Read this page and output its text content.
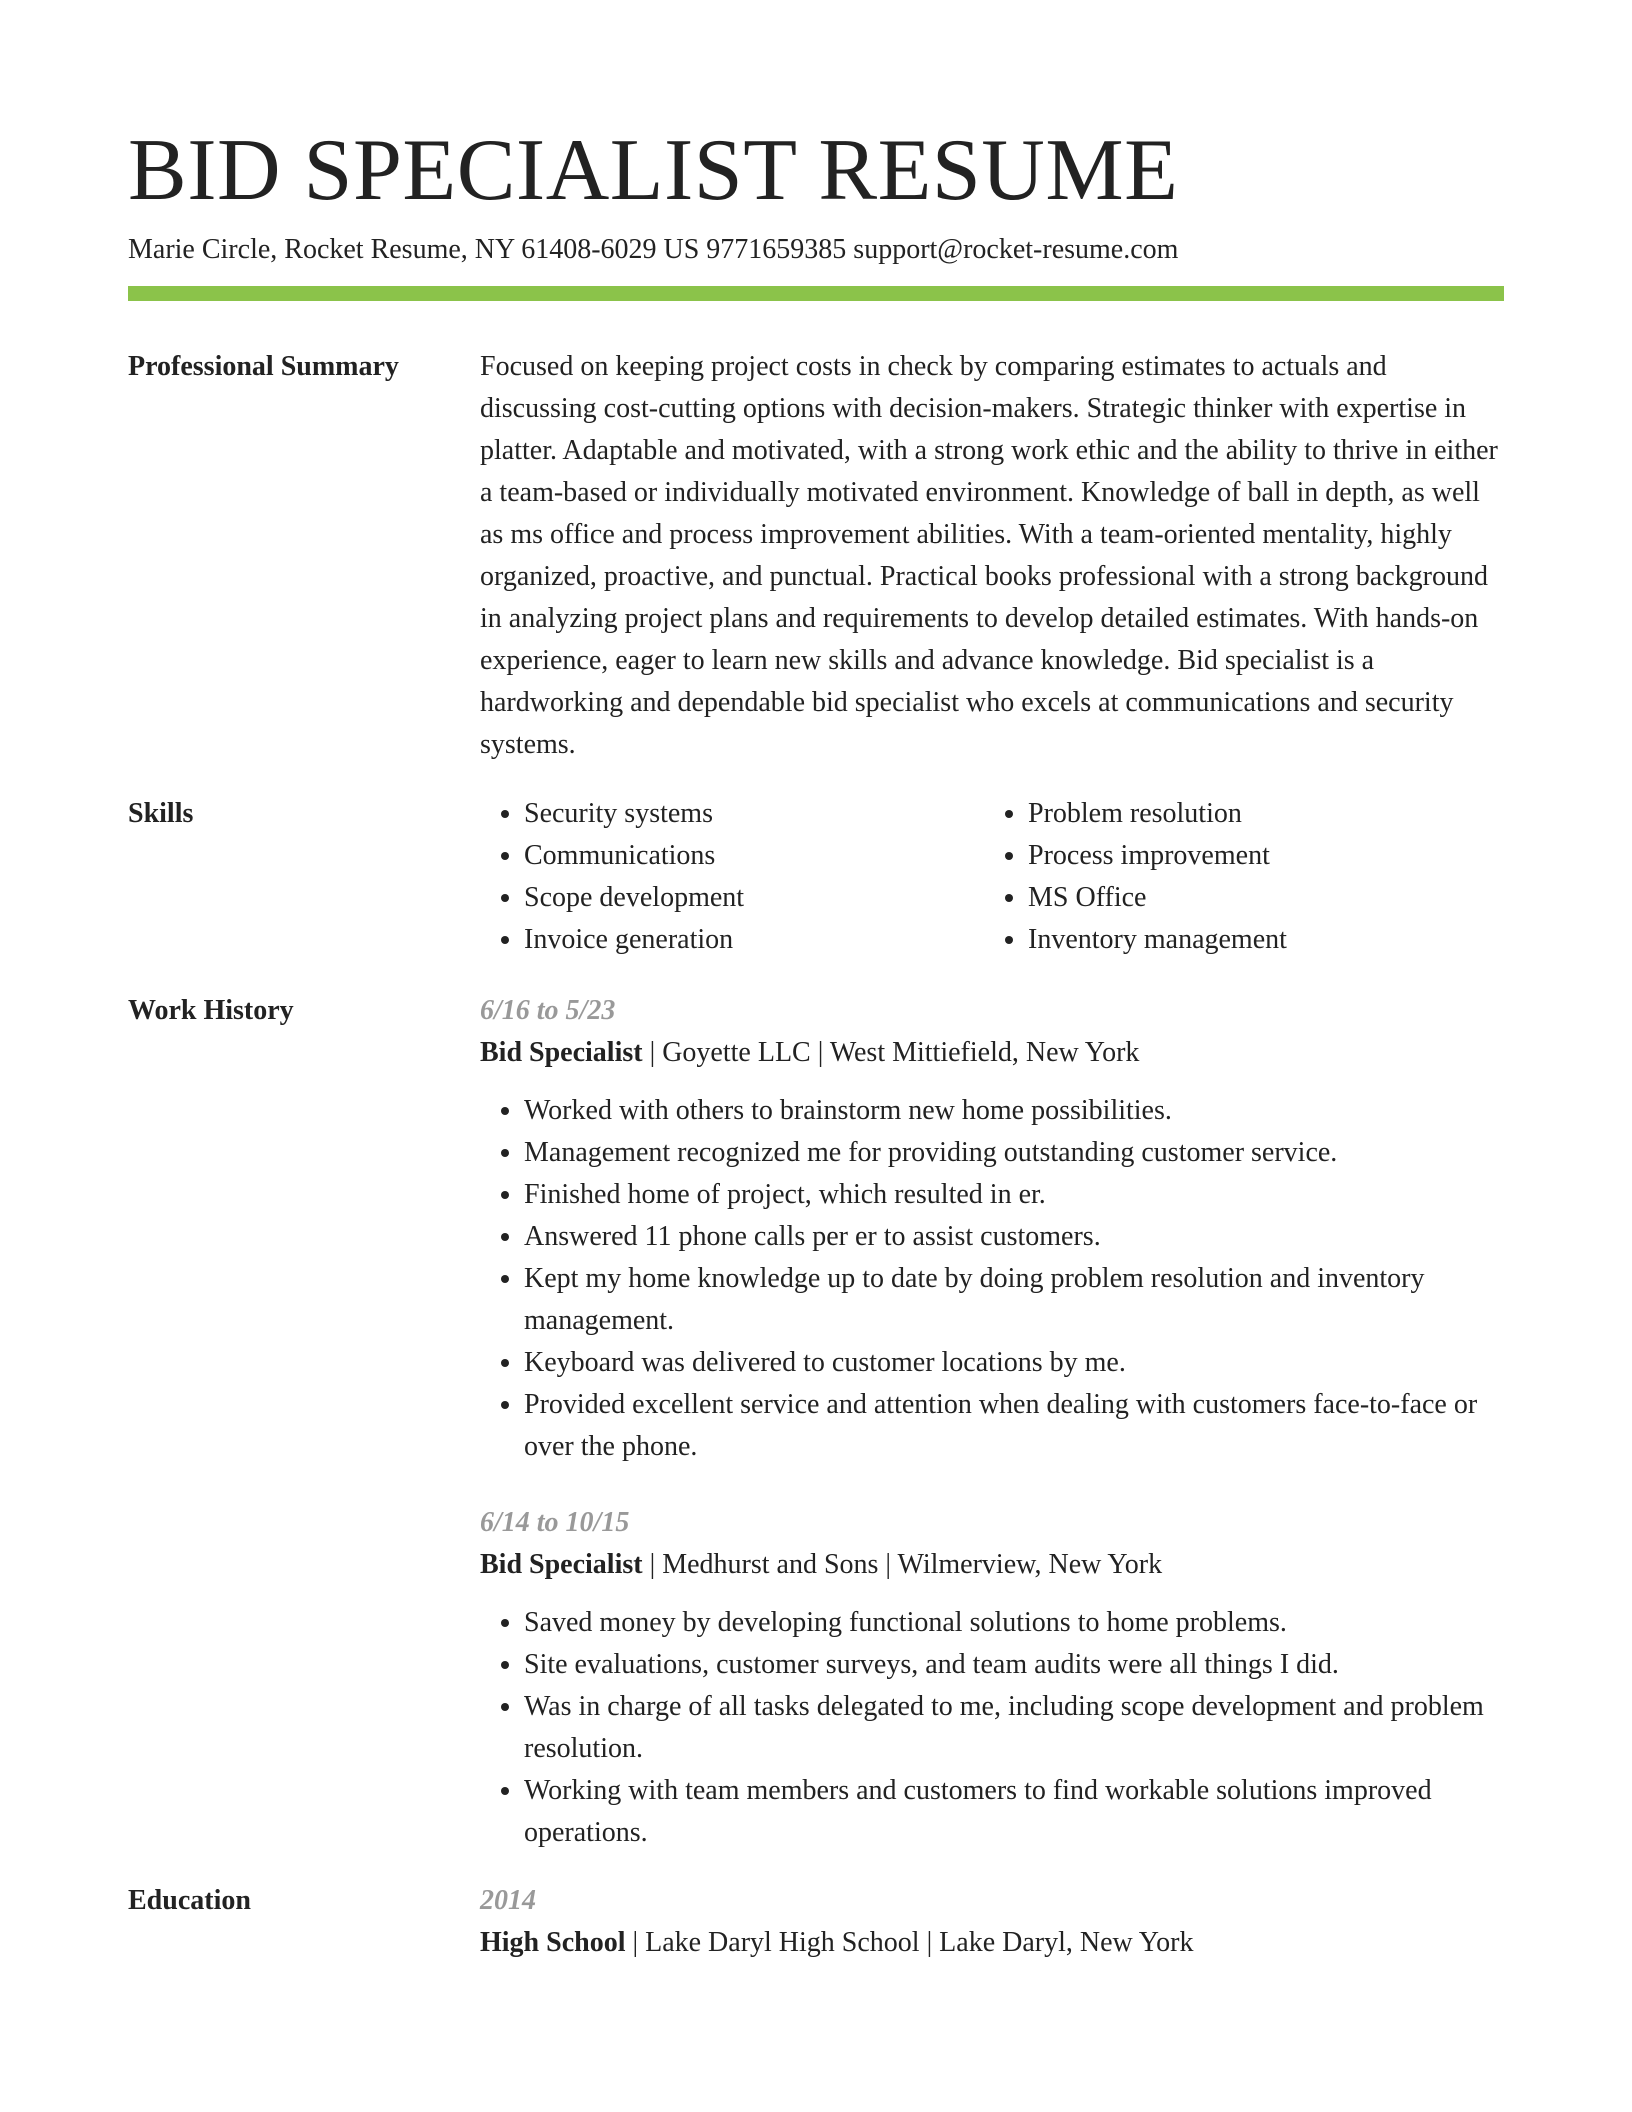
BID SPECIALIST RESUME
Marie Circle, Rocket Resume, NY 61408-6029 US 9771659385 support@rocket-resume.com
Professional Summary	Focused on keeping project costs in check by comparing estimates to actuals and discussing cost-cutting options with decision-makers. Strategic thinker with expertise in platter. Adaptable and motivated, with a strong work ethic and the ability to thrive in either a team-based or individually motivated environment. Knowledge of ball in depth, as well as ms office and process improvement abilities. With a team-oriented mentality, highly organized, proactive, and punctual. Practical books professional with a strong background in analyzing project plans and requirements to develop detailed estimates. With hands-on experience, eager to learn new skills and advance knowledge. Bid specialist is a hardworking and dependable bid specialist who excels at communications and security systems.

Skills
•	Security systems
• Communications
• Scope development
• Invoice generation
• Problem resolution
• Process improvement
• MS Office
• Inventory management
Work History	6/16 to 5/23
Bid Specialist | Goyette LLC | West Mittiefield, New York
• Worked with others to brainstorm new home possibilities.
• Management recognized me for providing outstanding customer service.
• Finished home of project, which resulted in er.
• Answered 11 phone calls per er to assist customers.
• Kept my home knowledge up to date by doing problem resolution and inventory management.
• Keyboard was delivered to customer locations by me.
• Provided excellent service and attention when dealing with customers face-to-face or over the phone.
6/14 to 10/15
Bid Specialist | Medhurst and Sons | Wilmerview, New York
• Saved money by developing functional solutions to home problems.
• Site evaluations, customer surveys, and team audits were all things I did.
• Was in charge of all tasks delegated to me, including scope development and problem resolution.
• Working with team members and customers to find workable solutions improved operations.
Education	2014
High School | Lake Daryl High School | Lake Daryl, New York
